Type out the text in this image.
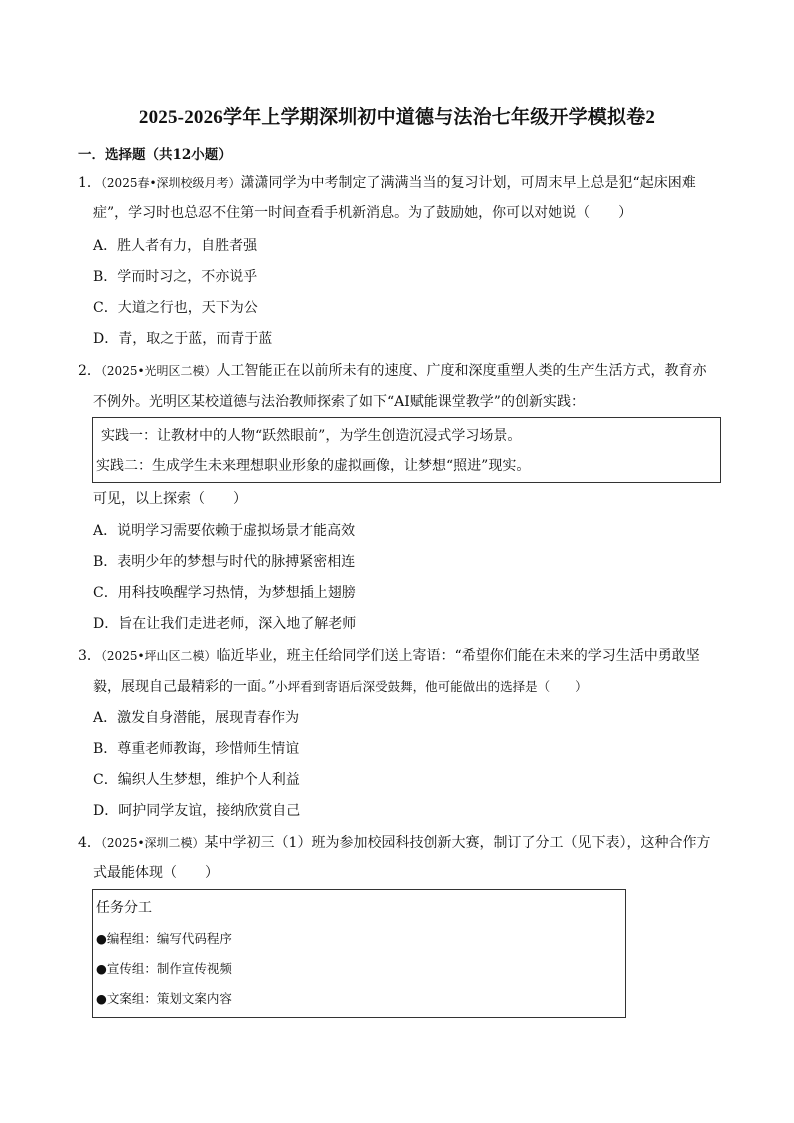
2025-2026学年上学期深圳初中道德与法治七年级开学模拟卷2
一．选择题（共12小题）
1．（2025春•深圳校级月考）潇潇同学为中考制定了满满当当的复习计划，可周末早上总是犯“起床困难
症”，学习时也总忍不住第一时间查看手机新消息。为了鼓励她，你可以对她说（　　）
A．胜人者有力，自胜者强
B．学而时习之，不亦说乎
C．大道之行也，天下为公
D．青，取之于蓝，而青于蓝
2．（2025•光明区二模）人工智能正在以前所未有的速度、广度和深度重塑人类的生产生活方式，教育亦
不例外。光明区某校道德与法治教师探索了如下“AI赋能课堂教学”的创新实践：
实践一：让教材中的人物“跃然眼前”，为学生创造沉浸式学习场景。
实践二：生成学生未来理想职业形象的虚拟画像，让梦想“照进”现实。
可见，以上探索（　　）
A．说明学习需要依赖于虚拟场景才能高效
B．表明少年的梦想与时代的脉搏紧密相连
C．用科技唤醒学习热情，为梦想插上翅膀
D．旨在让我们走进老师，深入地了解老师
3．（2025•坪山区二模）临近毕业，班主任给同学们送上寄语：“希望你们能在未来的学习生活中勇敢坚
毅，展现自己最精彩的一面。”小坪看到寄语后深受鼓舞，他可能做出的选择是（　　）
A．激发自身潜能，展现青春作为
B．尊重老师教诲，珍惜师生情谊
C．编织人生梦想，维护个人利益
D．呵护同学友谊，接纳欣赏自己
4．（2025•深圳二模）某中学初三（1）班为参加校园科技创新大赛，制订了分工（见下表），这种合作方
式最能体现（　　）
任务分工
●编程组：编写代码程序
●宣传组：制作宣传视频
●文案组：策划文案内容
